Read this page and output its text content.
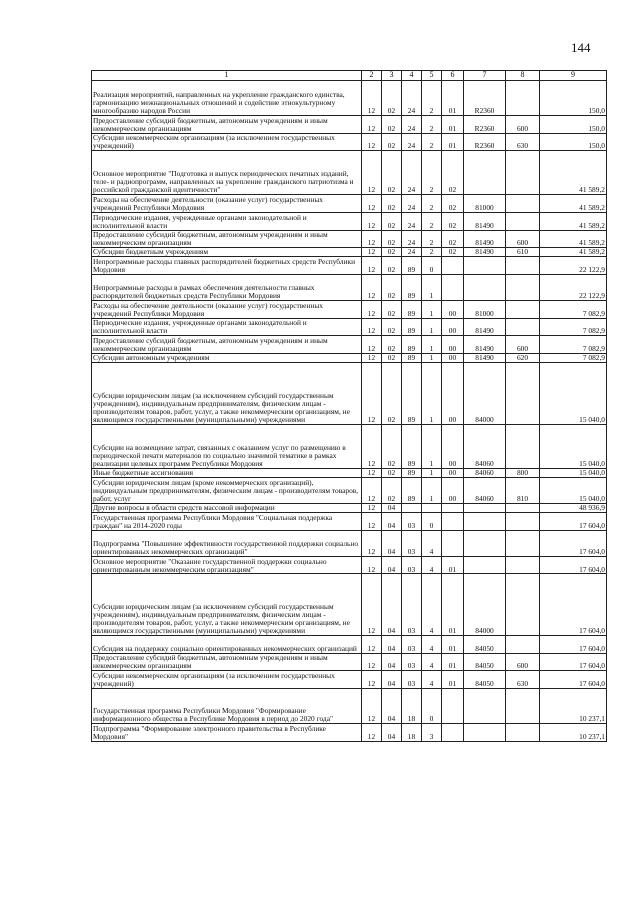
144
1	2	3	4	5	6	7	8	9
Реализация мероприятий, направленных на укрепление гражданского единства, гармонизацию межнациональных отношений и содействие этнокультурному многообразию народов России	12	02	24	2	01	R2360		150,0
Предоставление субсидий бюджетным, автономным учреждениям и иным некоммерческим организациям	12	02	24	2	01	R2360	600	150,0
Субсидии некоммерческим организациям (за исключением государственных учреждений)	12	02	24	2	01	R2360	630	150,0
Основное мероприятие "Подготовка и выпуск периодических печатных изданий, теле- и радиопрограмм, направленных на укрепление гражданского патриотизма и российской гражданской идентичности"	12	02	24	2	02			41 589,2
Расходы на обеспечение деятельности (оказание услуг) государственных учреждений Республики Мордовия	12	02	24	2	02	81000		41 589,2
Периодические издания, учрежденные органами законодательной и исполнительной власти	12	02	24	2	02	81490		41 589,2
Предоставление субсидий бюджетным, автономным учреждениям и иным некоммерческим организациям	12	02	24	2	02	81490	600	41 589,2
Субсидии бюджетным учреждениям	12	02	24	2	02	81490	610	41 589,2
Непрограммные расходы главных распорядителей бюджетных средств Республики Мордовия	12	02	89	0				22 122,9
Непрограммные расходы в рамках обеспечения деятельности главных распорядителей бюджетных средств Республики Мордовия	12	02	89	1				22 122,9
Расходы на обеспечение деятельности (оказание услуг) государственных учреждений Республики Мордовия	12	02	89	1	00	81000		7 082,9
Периодические издания, учрежденные органами законодательной и исполнительной власти	12	02	89	1	00	81490		7 082,9
Предоставление субсидий бюджетным, автономным учреждениям и иным некоммерческим организациям	12	02	89	1	00	81490	600	7 082,9
Субсидии автономным учреждениям	12	02	89	1	00	81490	620	7 082,9
Субсидии юридическим лицам (за исключением субсидий государственным учреждениям), индивидуальным предпринимателям, физическим лицам - производителям товаров, работ, услуг, а также некоммерческим организациям, не являющимся государственными (муниципальными) учреждениями	12	02	89	1	00	84000		15 040,0
Субсидии на возмещение затрат, связанных с оказанием услуг по размещению в периодической печати материалов по социально значимой тематике в рамках реализации целевых программ Республики Мордовия	12	02	89	1	00	84060		15 040,0
Иные бюджетные ассигнования	12	02	89	1	00	84060	800	15 040,0
Субсидии юридическим лицам (кроме некоммерческих организаций), индивидуальным предпринимателям, физическим лицам - производителям товаров, работ, услуг	12	02	89	1	00	84060	810	15 040,0
Другие вопросы в области средств массовой информации	12	04						48 936,9
Государственная программа Республики Мордовия "Социальная поддержка граждан" на 2014-2020 годы	12	04	03	0				17 604,0
Подпрограмма "Повышение эффективности государственной поддержки социально ориентированных некоммерческих организаций"	12	04	03	4				17 604,0
Основное мероприятие "Оказание государственной поддержки социально ориентированным некоммерческим организациям"	12	04	03	4	01			17 604,0
Субсидии юридическим лицам (за исключением субсидий государственным учреждениям), индивидуальным предпринимателям, физическим лицам - производителям товаров, работ, услуг, а также некоммерческим организациям, не являющимся государственными (муниципальными) учреждениями	12	04	03	4	01	84000		17 604,0
Субсидия на поддержку социально ориентированных некоммерческих организаций	12	04	03	4	01	84050		17 604,0
Предоставление субсидий бюджетным, автономным учреждениям и иным некоммерческим организациям	12	04	03	4	01	84050	600	17 604,0
Субсидии некоммерческим организациям (за исключением государственных учреждений)	12	04	03	4	01	84050	630	17 604,0
Государственная программа Республики Мордовия "Формирование информационного общества в Республике Мордовия в период до 2020 года"	12	04	18	0				10 237,1
Подпрограмма "Формирование электронного правительства в Республике Мордовия"	12	04	18	3				10 237,1
